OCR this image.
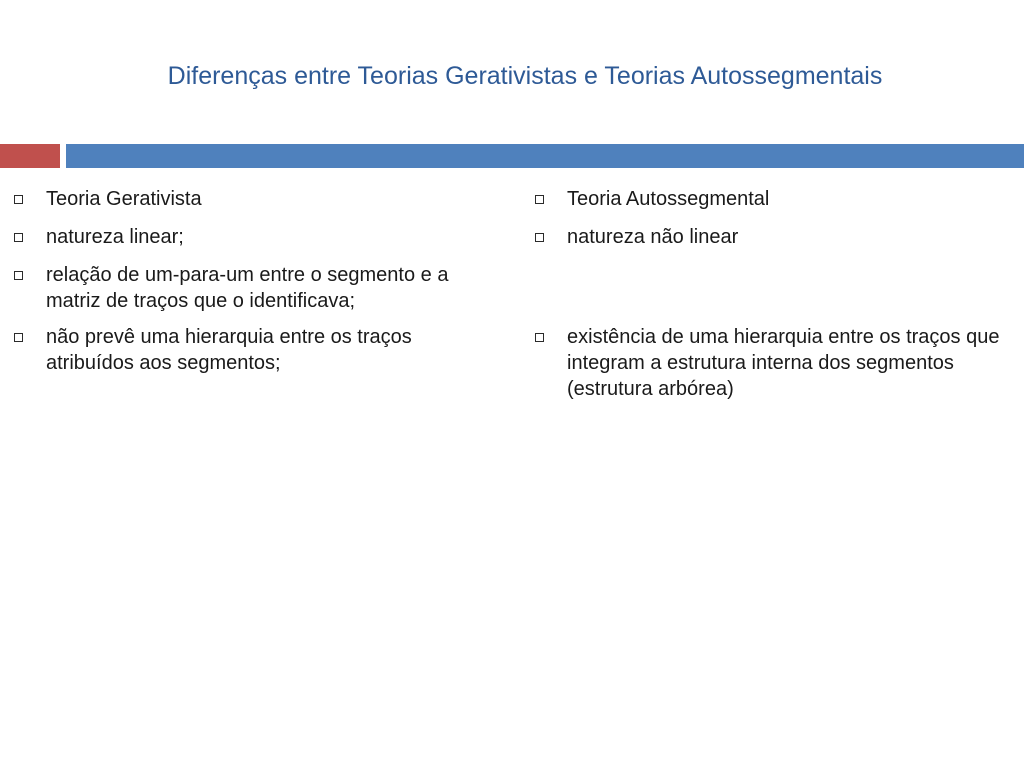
Diferenças entre Teorias Gerativistas e Teorias Autossegmentais
Teoria Gerativista
natureza linear;
relação de um-para-um entre o segmento e a matriz de traços que o identificava;
não prevê uma hierarquia entre os traços atribuídos aos segmentos;
Teoria Autossegmental
natureza não linear
existência de uma hierarquia entre os traços que integram a estrutura interna dos segmentos (estrutura arbórea)
